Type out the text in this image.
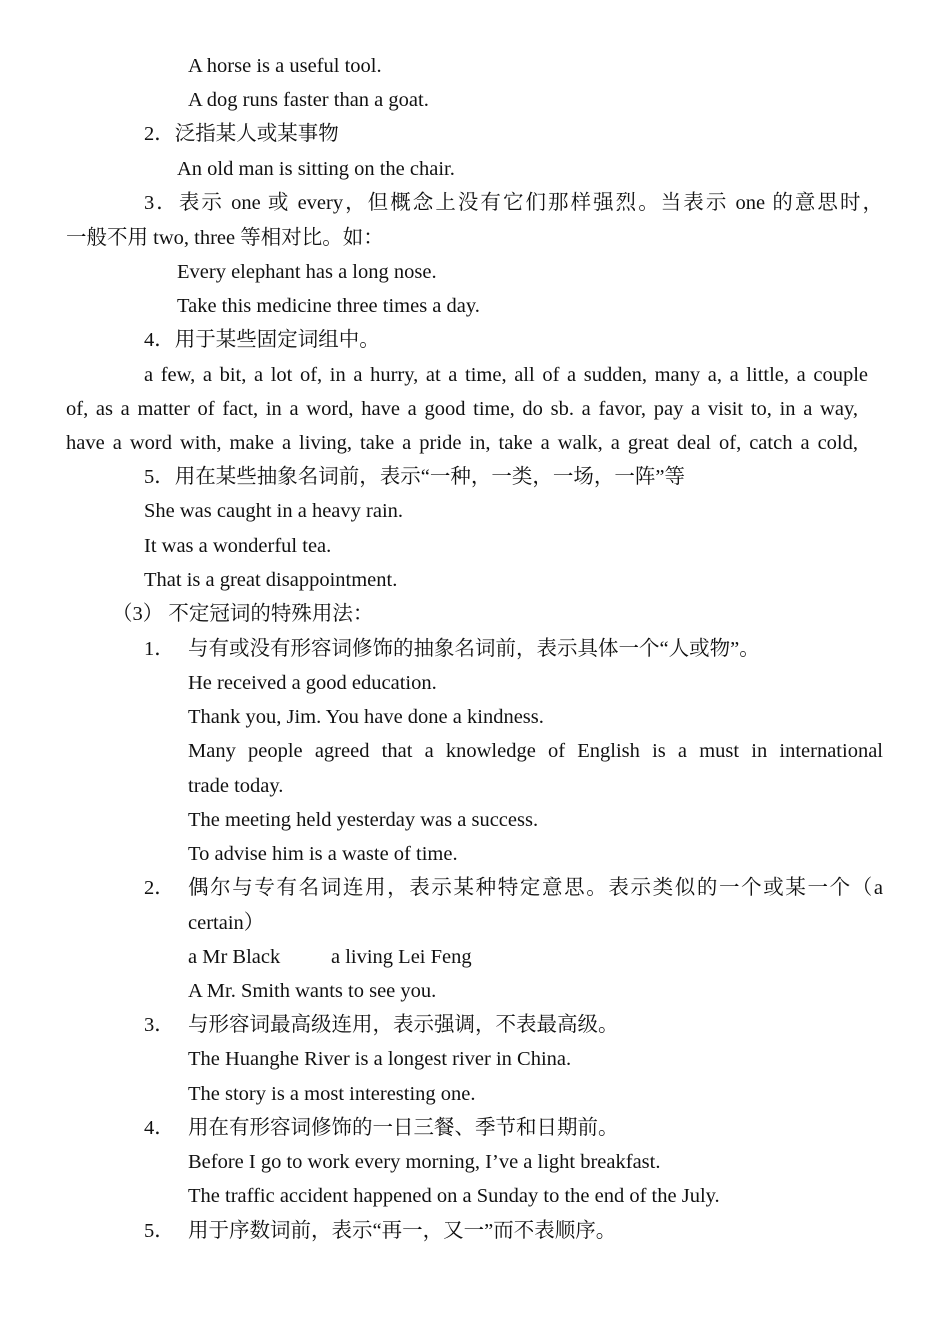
A horse is a useful tool.
A dog runs faster than a goat.
2．泛指某人或某事物
An old man is sitting on the chair.
3．表示 one 或 every，但概念上没有它们那样强烈。当表示 one 的意思时，
一般不用 two, three 等相对比。如：
Every elephant has a long nose.
Take this medicine three times a day.
4．用于某些固定词组中。
a few, a bit, a lot of, in a hurry, at a time, all of a sudden, many a, a little, a couple
of, as a matter of fact, in a word, have a good time, do sb. a favor, pay a visit to, in a way,
have a word with, make a living, take a pride in, take a walk, a great deal of, catch a cold,
5．用在某些抽象名词前，表示“一种，一类，一场，一阵”等
She was caught in a heavy rain.
It was a wonderful tea.
That is a great disappointment.
（3） 不定冠词的特殊用法：
1． 与有或没有形容词修饰的抽象名词前，表示具体一个“人或物”。
He received a good education.
Thank you, Jim. You have done a kindness.
Many people agreed that a knowledge of English is a must in international
trade today.
The meeting held yesterday was a success.
To advise him is a waste of time.
2． 偶尔与专有名词连用，表示某种特定意思。表示类似的一个或某一个（a
certain）
a Mr Black a living Lei Feng
A Mr. Smith wants to see you.
3． 与形容词最高级连用，表示强调，不表最高级。
The Huanghe River is a longest river in China.
The story is a most interesting one.
4． 用在有形容词修饰的一日三餐、季节和日期前。
Before I go to work every morning, I’ve a light breakfast.
The traffic accident happened on a Sunday to the end of the July.
5． 用于序数词前，表示“再一，又一”而不表顺序。
